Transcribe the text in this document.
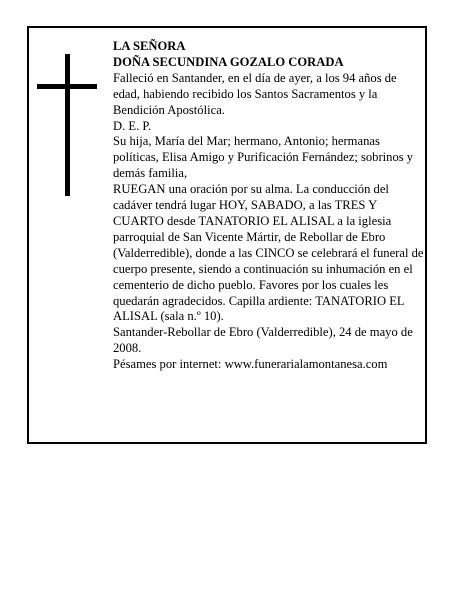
LA SEÑORA

DOÑA SECUNDINA GOZALO CORADA

Falleció en Santander, en el día de ayer, a los 94 años de edad, habiendo recibido los Santos Sacramentos y la Bendición Apostólica.

D. E. P.

Su hija, María del Mar; hermano, Antonio; hermanas políticas, Elisa Amigo y Purificación Fernández; sobrinos y demás familia,

RUEGAN una oración por su alma. La conducción del cadáver tendrá lugar HOY, SABADO, a las TRES Y CUARTO desde TANATORIO EL ALISAL a la iglesia parroquial de San Vicente Mártir, de Rebollar de Ebro (Valderredible), donde a las CINCO se celebrará el funeral de cuerpo presente, siendo a continuación su inhumación en el cementerio de dicho pueblo. Favores por los cuales les quedarán agradecidos. Capilla ardiente: TANATORIO EL ALISAL (sala n.º 10).

Santander-Rebollar de Ebro (Valderredible), 24 de mayo de 2008.

Pésames por internet: www.funerarialamontanesa.com
